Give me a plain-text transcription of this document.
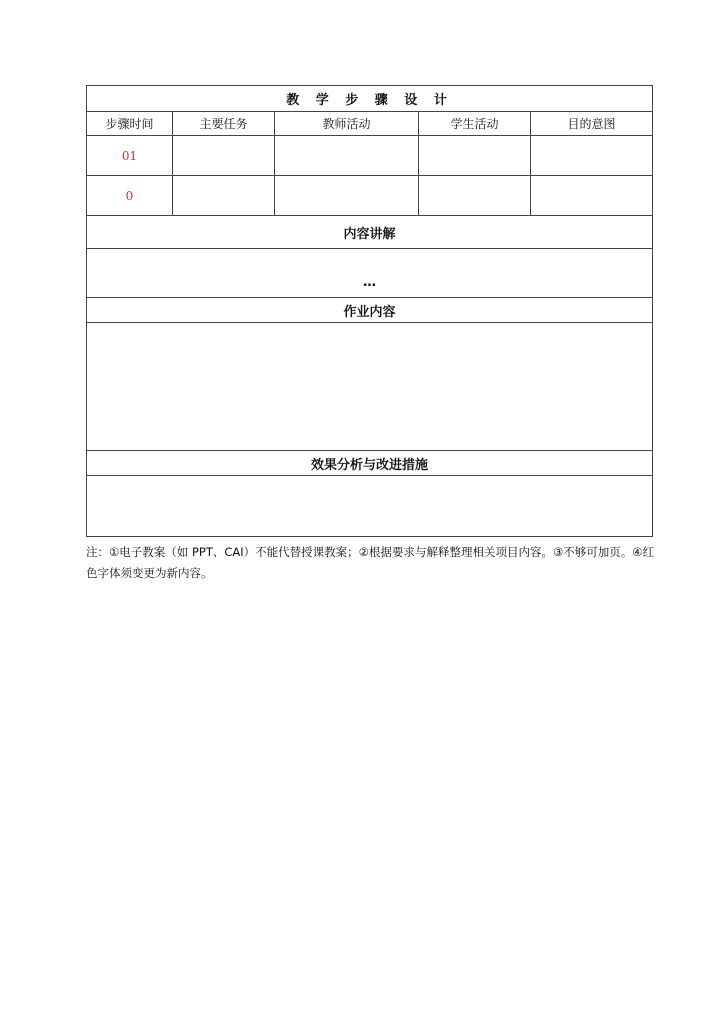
教 学 步 骤 设 计				
步骤时间	主要任务	教师活动	学生活动	目的意图
01				
0				
内容讲解				

…				

作业内容				

效果分析与改进措施				

注：①电子教案（如 PPT、CAI）不能代替授课教案；②根据要求与解释整理相关项目内容。③不够可加页。④红色字体须变更为新内容。
